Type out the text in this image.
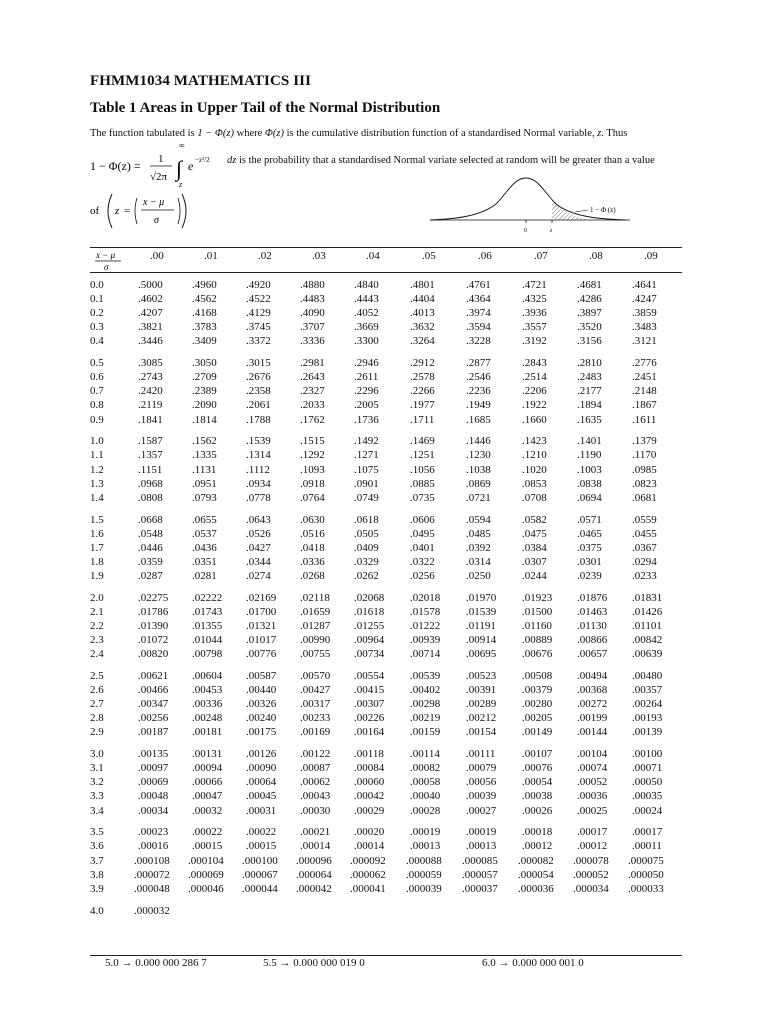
FHMM1034 MATHEMATICS III
Table 1 Areas in Upper Tail of the Normal Distribution
The function tabulated is 1 − Φ(z) where Φ(z) is the cumulative distribution function of a standardised Normal variable, z. Thus
1 − Φ(z) = 1
√2π ∫
∞
z
e −z²/2 dz is the probability that a standardised Normal variate selected at random will be greater than a value
of z =
x − μ
σ
1 − Φ (z)
0	z
x − μ
σ
.00	.01	.02	.03	.04	.05	.06	.07	.08	.09
0.0	.5000	.4960	.4920	.4880	.4840	.4801	.4761	.4721	.4681	.4641
0.1	.4602	.4562	.4522	.4483	.4443	.4404	.4364	.4325	.4286	.4247
0.2	.4207	.4168	.4129	.4090	.4052	.4013	.3974	.3936	.3897	.3859
0.3	.3821	.3783	.3745	.3707	.3669	.3632	.3594	.3557	.3520	.3483
0.4	.3446	.3409	.3372	.3336	.3300	.3264	.3228	.3192	.3156	.3121
0.5	.3085	.3050	.3015	.2981	.2946	.2912	.2877	.2843	.2810	.2776
0.6	.2743	.2709	.2676	.2643	.2611	.2578	.2546	.2514	.2483	.2451
0.7	.2420	.2389	.2358	.2327	.2296	.2266	.2236	.2206	.2177	.2148
0.8	.2119	.2090	.2061	.2033	.2005	.1977	.1949	.1922	.1894	.1867
0.9	.1841	.1814	.1788	.1762	.1736	.1711	.1685	.1660	.1635	.1611
1.0	.1587	.1562	.1539	.1515	.1492	.1469	.1446	.1423	.1401	.1379
1.1	.1357	.1335	.1314	.1292	.1271	.1251	.1230	.1210	.1190	.1170
1.2	.1151	.1131	.1112	.1093	.1075	.1056	.1038	.1020	.1003	.0985
1.3	.0968	.0951	.0934	.0918	.0901	.0885	.0869	.0853	.0838	.0823
1.4	.0808	.0793	.0778	.0764	.0749	.0735	.0721	.0708	.0694	.0681
1.5	.0668	.0655	.0643	.0630	.0618	.0606	.0594	.0582	.0571	.0559
1.6	.0548	.0537	.0526	.0516	.0505	.0495	.0485	.0475	.0465	.0455
1.7	.0446	.0436	.0427	.0418	.0409	.0401	.0392	.0384	.0375	.0367
1.8	.0359	.0351	.0344	.0336	.0329	.0322	.0314	.0307	.0301	.0294
1.9	.0287	.0281	.0274	.0268	.0262	.0256	.0250	.0244	.0239	.0233
2.0	.02275 .02222 .02169 .02118 .02068 .02018 .01970 .01923 .01876 .01831
2.1	.01786 .01743 .01700 .01659 .01618 .01578 .01539 .01500 .01463 .01426
2.2	.01390 .01355 .01321 .01287 .01255 .01222 .01191 .01160 .01130 .01101
2.3	.01072 .01044 .01017 .00990 .00964 .00939 .00914 .00889 .00866 .00842
2.4	.00820 .00798 .00776 .00755 .00734 .00714 .00695 .00676 .00657 .00639
2.5	.00621 .00604 .00587 .00570 .00554 .00539 .00523 .00508 .00494 .00480
2.6	.00466 .00453 .00440 .00427 .00415 .00402 .00391 .00379 .00368 .00357
2.7	.00347 .00336 .00326 .00317 .00307 .00298 .00289 .00280 .00272 .00264
2.8	.00256 .00248 .00240 .00233 .00226 .00219 .00212 .00205 .00199 .00193
2.9	.00187 .00181 .00175 .00169 .00164 .00159 .00154 .00149 .00144 .00139
3.0	.00135 .00131 .00126 .00122 .00118 .00114 .00111 .00107 .00104 .00100
3.1	.00097 .00094 .00090 .00087 .00084 .00082 .00079 .00076 .00074 .00071
3.2	.00069 .00066 .00064 .00062 .00060 .00058 .00056 .00054 .00052 .00050
3.3	.00048 .00047 .00045 .00043 .00042 .00040 .00039 .00038 .00036 .00035
3.4	.00034 .00032 .00031 .00030 .00029 .00028 .00027 .00026 .00025 .00024
3.5	.00023 .00022 .00022 .00021 .00020 .00019 .00019 .00018 .00017 .00017
3.6	.00016 .00015 .00015 .00014 .00014 .00013 .00013 .00012 .00012 .00011
3.7	.000108 .000104 .000100 .000096 .000092 .000088 .000085 .000082 .000078 .000075
3.8	.000072 .000069 .000067 .000064 .000062 .000059 .000057 .000054 .000052 .000050
3.9	.000048 .000046 .000044 .000042 .000041 .000039 .000037 .000036 .000034 .000033
4.0	.000032
5.0 → 0.000 000 286 7	5.5 → 0.000 000 019 0	6.0 → 0.000 000 001 0
